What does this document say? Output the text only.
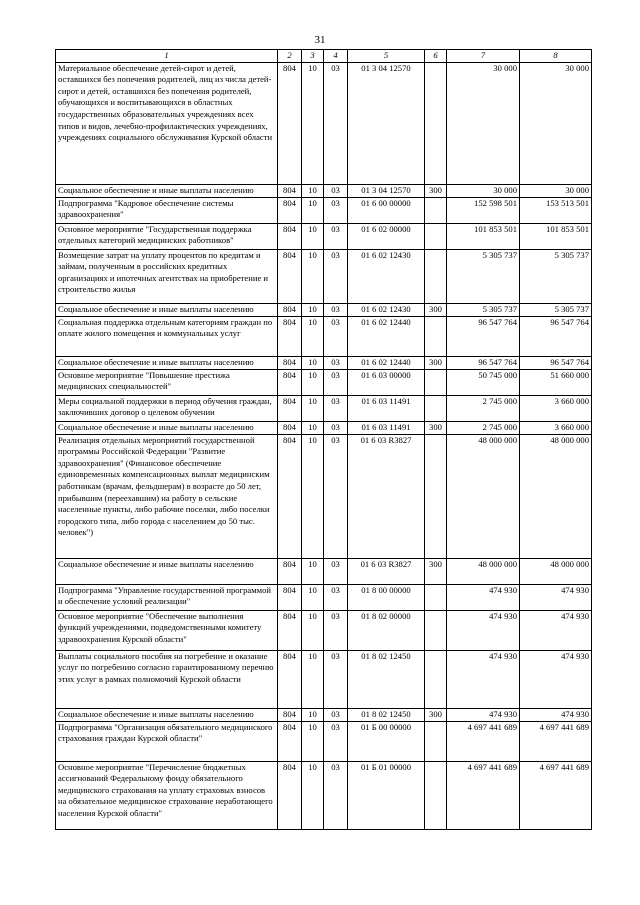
31
1	2	3	4	5	6	7	8
Материальное обеспечение детей-сирот и детей, оставшихся без попечения родителей, лиц из числа детей-сирот и детей, оставшихся без попечения родителей, обучающихся и воспитывающихся в областных государственных образовательных учреждениях всех типов и видов, лечебно-профилактических учреждениях, учреждениях социального обслуживания Курской области	804	10	03	01 3 04 12570		30 000	30 000
Социальное обеспечение и иные выплаты населению	804	10	03	01 3 04 12570	300	30 000	30 000
Подпрограмма "Кадровое обеспечение системы здравоохранения"	804	10	03	01 6 00 00000		152 598 501	153 513 501
Основное мероприятие "Государственная поддержка отдельных категорий медицинских работников"	804	10	03	01 6 02 00000		101 853 501	101 853 501
Возмещение затрат на уплату процентов по кредитам и займам, полученным в российских кредитных организациях и ипотечных агентствах на приобретение и строительство жилья	804	10	03	01 6 02 12430		5 305 737	5 305 737
Социальное обеспечение и иные выплаты населению	804	10	03	01 6 02 12430	300	5 305 737	5 305 737
Социальная поддержка отдельным категориям граждан по оплате жилого помещения и коммунальных услуг	804	10	03	01 6 02 12440		96 547 764	96 547 764
Социальное обеспечение и иные выплаты населению	804	10	03	01 6 02 12440	300	96 547 764	96 547 764
Основное мероприятие "Повышение престижа медицинских специальностей"	804	10	03	01 6 03 00000		50 745 000	51 660 000
Меры социальной поддержки в период обучения граждан, заключивших договор о целевом обучении	804	10	03	01 6 03 11491		2 745 000	3 660 000
Социальное обеспечение и иные выплаты населению	804	10	03	01 6 03 11491	300	2 745 000	3 660 000
Реализация отдельных мероприятий государственной программы Российской Федерации "Развитие здравоохранения" (Финансовое обеспечение единовременных компенсационных выплат медицинским работникам (врачам, фельдшерам) в возрасте до 50 лет, прибывшим (переехавшим) на работу в сельские населенные пункты, либо рабочие поселки, либо поселки городского типа, либо города с населением до 50 тыс. человек")	804	10	03	01 6 03 R3827		48 000 000	48 000 000
Социальное обеспечение и иные выплаты населению	804	10	03	01 6 03 R3827	300	48 000 000	48 000 000
Подпрограмма "Управление государственной программой и обеспечение условий реализации"	804	10	03	01 8 00 00000		474 930	474 930
Основное мероприятие "Обеспечение выполнения функций учреждениями, подведомственными комитету здравоохранения Курской области"	804	10	03	01 8 02 00000		474 930	474 930
Выплаты социального пособия на погребение и оказание услуг по погребению согласно гарантированному перечню этих услуг в рамках полномочий Курской области	804	10	03	01 8 02 12450		474 930	474 930
Социальное обеспечение и иные выплаты населению	804	10	03	01 8 02 12450	300	474 930	474 930
Подпрограмма "Организация обязательного медицинского страхования граждан Курской области"	804	10	03	01 Б 00 00000		4 697 441 689	4 697 441 689
Основное мероприятие "Перечисление бюджетных ассигнований Федеральному фонду обязательного медицинского страхования на уплату страховых взносов на обязательное медицинское страхование неработающего населения Курской области"	804	10	03	01 Б 01 00000		4 697 441 689	4 697 441 689
